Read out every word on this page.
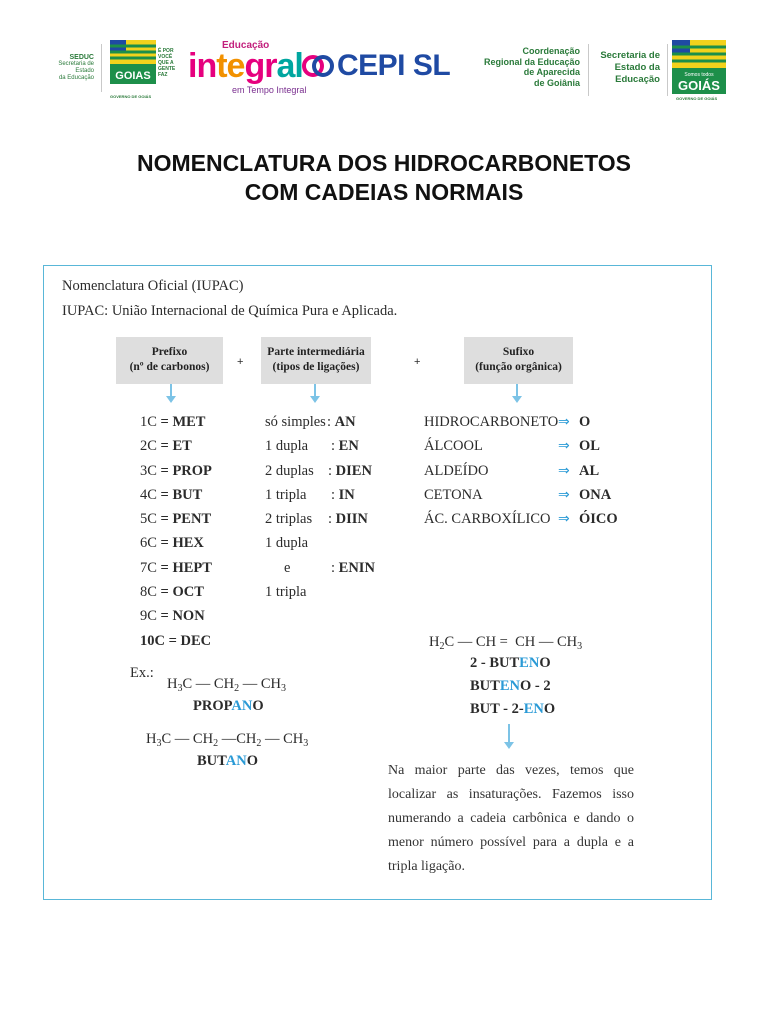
SEDUC
Secretaria de Estado
da Educação GOIAS
É POR
VOCÊ
QUE A
GENTE
FAZ
GOVERNO DE GOIÁS
Educação
integral
em Tempo Integral
CEPI SL	Coordenação
Regional da Educação
de Aparecida
de Goiânia
Secretaria de
Estado da
Educação	Somos todos
GOIÁS
GOVERNO DE GOIÁS
NOMENCLATURA DOS HIDROCARBONETOS
COM CADEIAS NORMAIS
Nomenclatura Oficial (IUPAC)
IUPAC: União Internacional de Química Pura e Aplicada.
Prefixo
(nº de carbonos)	+
Parte intermediária
(tipos de ligações)	+
Sufixo
(função orgânica)
1C = MET
2C = ET
3C = PROP
4C = BUT
5C = PENT
6C = HEX
7C = HEPT
8C = OCT
9C = NON
10C = DEC
só simples : AN
1 dupla : EN
2 duplas : DIEN
1 tripla : IN
2 triplas : DIIN
1 dupla
e	: ENIN
1 tripla
HIDROCARBONETO ⇒ O
ÁLCOOL	⇒ OL
ALDEÍDO	⇒ AL
CETONA	⇒ ONA
ÁC. CARBOXÍLICO ⇒ ÓICO
Ex.:
$H_3C$ — $CH_2$ — $CH_3$
PROPANO
$H_3C$ — $CH_2$ $—CH_2$ — $CH_3$
BUTANO
$H_2C$ — CH =  CH — $CH_3$
2 - BUTENO
BUTENO - 2
BUT - 2-ENO
Na maior parte das vezes, temos que localizar as insaturações. Fazemos isso numerando a cadeia carbônica e dando o menor número possível para a dupla e a tripla ligação.
